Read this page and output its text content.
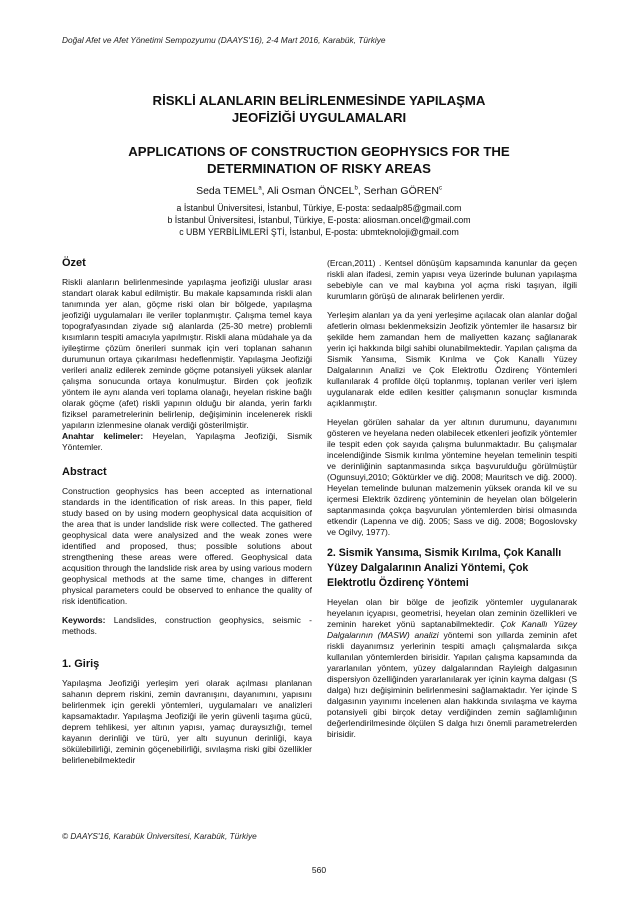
Doğal Afet ve Afet Yönetimi Sempozyumu (DAAYS'16), 2-4 Mart 2016, Karabük, Türkiye
RİSKLİ ALANLARIN BELİRLENMESİNDE YAPILAŞMA
JEOFİZİĞİ UYGULAMALARI
APPLICATIONS OF CONSTRUCTION GEOPHYSICS FOR THE
DETERMINATION OF RISKY AREAS
Seda TEMEL$^a$, Ali Osman ÖNCEL$^b$, Serhan GÖREN$^c$
a İstanbul Üniversitesi, İstanbul, Türkiye, E-posta: sedaalp85@gmail.com
b İstanbul Üniversitesi, İstanbul, Türkiye, E-posta: aliosman.oncel@gmail.com
c UBM YERBİLİMLERİ ŞTİ, İstanbul, E-posta: ubmteknoloji@gmail.com
Özet

Riskli alanların belirlenmesinde yapılaşma jeofiziği uluslar arası standart olarak kabul edilmiştir. Bu makale kapsamında riskli alan tanımında yer alan, göçme riski olan bir bölgede, yapılaşma jeofiziği uygulamaları ile veriler toplanmıştır. Çalışma temel kaya topografyasından ziyade sığ alanlarda (25-30 metre) problemli kısımların tespiti amacıyla yapılmıştır. Riskli alana müdahale ya da iyileştirme çözüm önerileri sunmak için veri toplanan sahanın durumunun ortaya çıkarılması hedeflenmiştir. Yapılaşma Jeofiziği verileri analiz edilerek zeminde göçme potansiyeli yüksek alanlar çalışma sonucunda ortaya konulmuştur. Birden çok jeofizik yöntem ile aynı alanda veri toplama olanağı, heyelan riskine bağlı olarak göçme (afet) riskli yapının olduğu bir alanda, yerin farklı fiziksel parametrelerinin belirlenip, değişiminin incelenerek riskli yapıların izlenmesine olanak verdiği gösterilmiştir.

Anahtar kelimeler: Heyelan, Yapılaşma Jeofiziği, Sismik Yöntemler.

Abstract

Construction geophysics has been accepted as international standards in the identification of risk areas. In this paper, field study based on by using modern geophysical data acquisition of the area that is under landslide risk were collected. The gathered geophysical data were analysized and the weak zones were identified and proposed, thus; possible solutions about strengthening these areas were offered. Geophysical data acqusition through the landslide risk area by using various modern geophysical methods at the same time, changes in different physical parameters could be observed to enhance the quality of risk identification.

Keywords: Landslides, construction geophysics, seismic - methods.

1. Giriş

Yapılaşma Jeofiziği yerleşim yeri olarak açılması planlanan sahanın deprem riskini, zemin davranışını, dayanımını, yapısını belirlenmek için gerekli yöntemleri, uygulamaları ve analizleri kapsamaktadır. Yapılaşma Jeofiziği ile yerin güvenli taşıma gücü, deprem tehlikesi, yer altının yapısı, yamaç duraysızlığı, temel kayanın derinliği ve türü, yer altı suyunun derinliği, kaya sökülebilirliği, zeminin göçenebilirliği, sıvılaşma riski gibi özellikler belirlenebilmektedir

(Ercan,2011) . Kentsel dönüşüm kapsamında kanunlar da geçen riskli alan ifadesi, zemin yapısı veya üzerinde bulunan yapılaşma sebebiyle can ve mal kaybına yol açma riski taşıyan, ilgili kurumların görüşü de alınarak belirlenen yerdir.

Yerleşim alanları ya da yeni yerleşime açılacak olan alanlar doğal afetlerin olması beklenmeksizin Jeofizik yöntemler ile hasarsız bir şekilde hem zamandan hem de maliyetten kazanç sağlanarak yerin içi hakkında bilgi sahibi olunabilmektedir. Yapılan çalışma da Sismik Yansıma, Sismik Kırılma ve Çok Kanallı Yüzey Dalgalarının Analizi ve Çok Elektrotlu Özdirenç Yöntemleri kullanılarak 4 profilde ölçü toplanmış, toplanan veriler veri işlem uygulanarak elde edilen kesitler çalışmanın sonuçlar kısmında açıklanmıştır.

Heyelan görülen sahalar da yer altının durumunu, dayanımını gösteren ve heyelana neden olabilecek etkenleri jeofizik yöntemler ile tespit eden çok sayıda çalışma bulunmaktadır. Bu çalışmalar incelendiğinde Sismik kırılma yöntemine heyelan temelinin tespiti ve derinliğinin saptanmasında sıkça başvurulduğu görülmüştür (Ogunsuyi,2010; Göktürkler ve diğ. 2008; Mauritsch ve diğ. 2000). Heyelan temelinde bulunan malzemenin yüksek oranda kil ve su içermesi Elektrik özdirenç yönteminin de heyelan olan bölgelerin saptanmasında çokça başvurulan yöntemlerden birisi olmasında etkendir (Lapenna ve diğ. 2005; Sass ve diğ. 2008; Bogoslovsky ve Ogilvy, 1977).

2. Sismik Yansıma, Sismik Kırılma, Çok Kanallı Yüzey Dalgalarının Analizi Yöntemi, Çok Elektrotlu Özdirenç Yöntemi

Heyelan olan bir bölge de jeofizik yöntemler uygulanarak heyelanın içyapısı, geometrisi, heyelan olan zeminin özellikleri ve zeminin hareket yönü saptanabilmektedir. Çok Kanallı Yüzey Dalgalarının (MASW) analizi yöntemi son yıllarda zeminin afet riskli dayanımsız yerlerinin tespiti amaçlı çalışmalarda sıkça kullanılan yöntemlerden birisidir. Yapılan çalışma kapsamında da yararlanılan yöntem, yüzey dalgalarından Rayleigh dalgasının dispersiyon özelliğinden yararlanılarak yer içinin kayma dalgası (S dalga) hızı değişiminin belirlenmesini sağlamaktadır. Yer içinde S dalgasının yayınımı incelenen alan hakkında sıvılaşma ve kayma potansiyeli gibi birçok detay verdiğinden zemin sağlamlığının değerlendirilmesinde ölçülen S dalga hızı önemli parametrelerden birisidir.

© DAAYS'16, Karabük Üniversitesi, Karabük, Türkiye
560
